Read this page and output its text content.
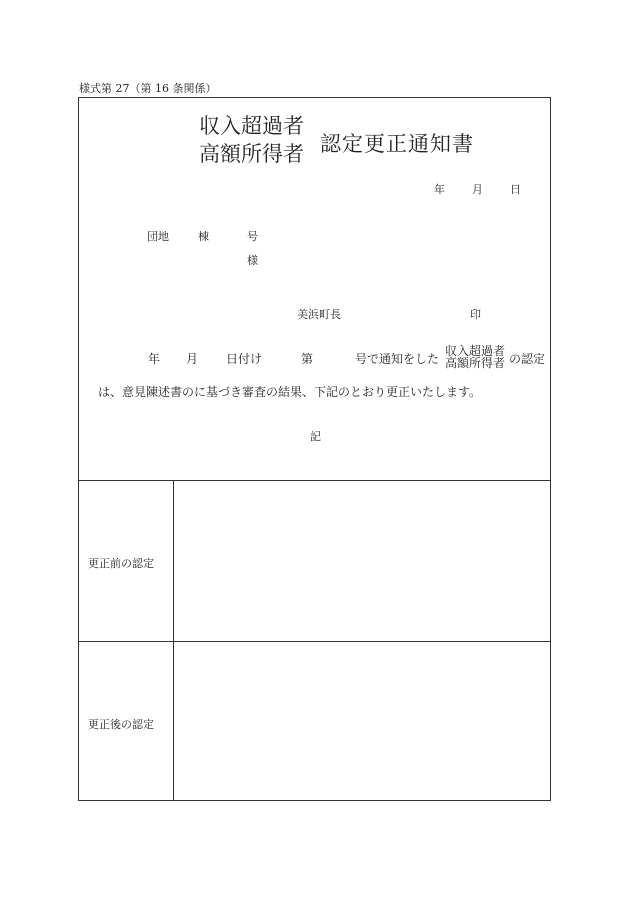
様式第 27（第 16 条関係）
収入超過者
高額所得者 認定更正通知書
年 月 日
団地	棟	号
様
美浜町長	印
年 月 日付け	第	号で通知をした
収入超過者
高額所得者 の認定
は、意見陳述書のに基づき審査の結果、下記のとおり更正いたします。
記
更正前の認定
更正後の認定
